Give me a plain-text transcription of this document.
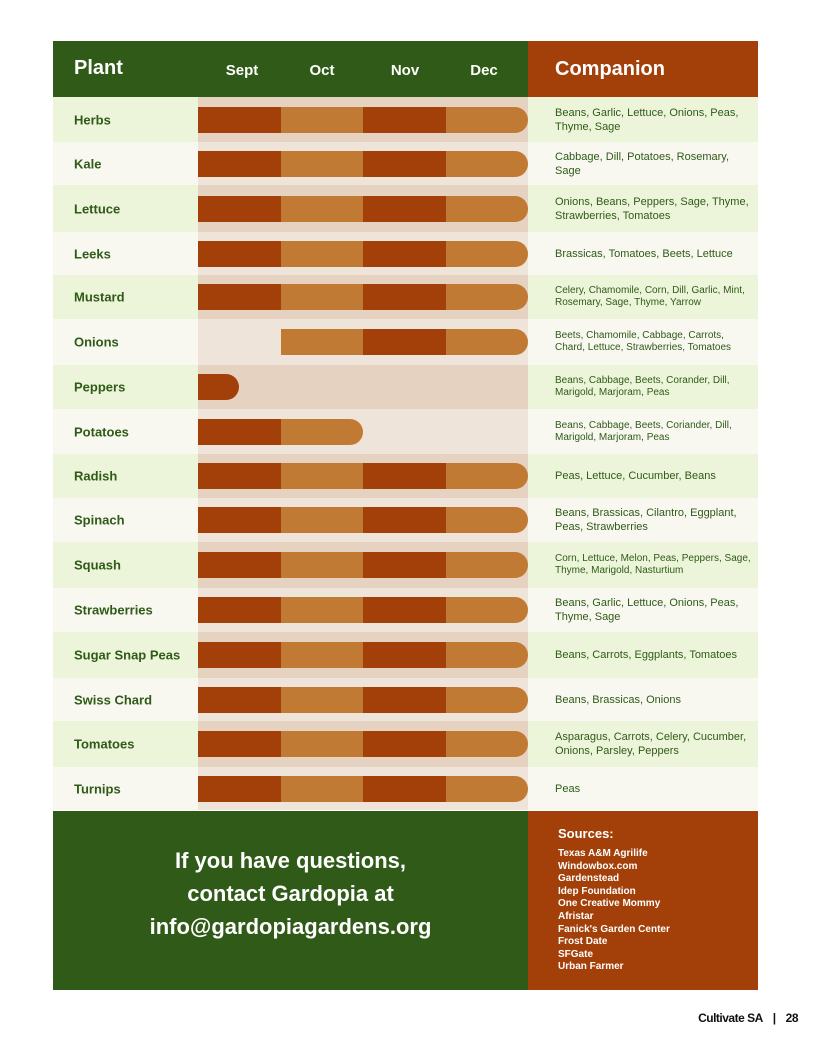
Plant	Sept	Oct	Nov	Dec	Companion
Herbs	Beans, Garlic, Lettuce, Onions, Peas, Thyme, Sage
Kale	Cabbage, Dill, Potatoes, Rosemary, Sage
Lettuce	Onions, Beans, Peppers, Sage, Thyme, Strawberries, Tomatoes
Leeks	Brassicas, Tomatoes, Beets, Lettuce
Mustard	Celery, Chamomile, Corn, Dill, Garlic, Mint, Rosemary, Sage, Thyme, Yarrow
Onions	Beets, Chamomile, Cabbage, Carrots, Chard, Lettuce, Strawberries, Tomatoes
Peppers	Beans, Cabbage, Beets, Corander, Dill, Marigold, Marjoram, Peas
Potatoes	Beans, Cabbage, Beets, Coriander, Dill, Marigold, Marjoram, Peas
Radish	Peas, Lettuce, Cucumber, Beans
Spinach	Beans, Brassicas, Cilantro, Eggplant, Peas, Strawberries
Squash	Corn, Lettuce, Melon, Peas, Peppers, Sage, Thyme, Marigold, Nasturtium
Strawberries	Beans, Garlic, Lettuce, Onions, Peas, Thyme, Sage
Sugar Snap Peas	Beans, Carrots, Eggplants, Tomatoes
Swiss Chard	Beans, Brassicas, Onions
Tomatoes	Asparagus, Carrots, Celery, Cucumber, Onions, Parsley, Peppers
Turnips	Peas
If you have questions,
contact Gardopia at
info@gardopiagardens.org
Sources:
Texas A&M Agrilife
Windowbox.com
Gardenstead
Idep Foundation
One Creative Mommy
Afristar
Fanick's Garden Center
Frost Date
SFGate
Urban Farmer
Cultivate SA | 28
